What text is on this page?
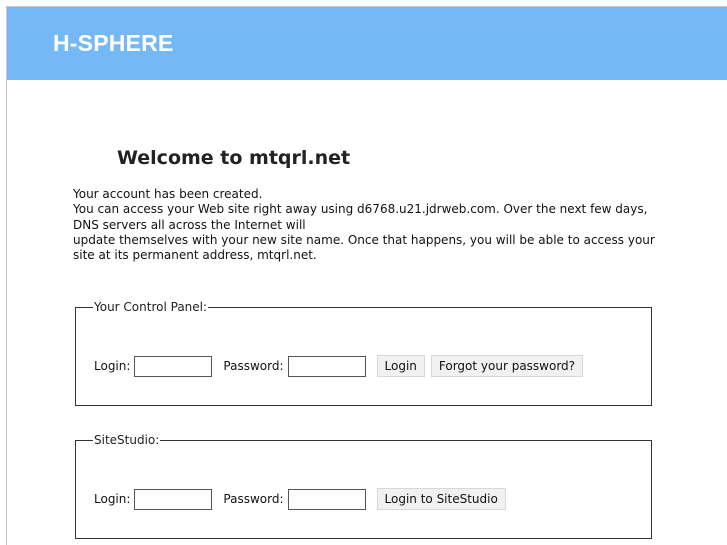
H-SPHERE
Welcome to mtqrl.net

Your account has been created.

You can access your Web site right away using d6768.u21.jdrweb.com. Over the next few days, DNS servers all across the Internet will

update themselves with your new site name. Once that happens, you will be able to access your site at its permanent address, mtqrl.net.

Your Control Panel:
Login:	Password:	Login	Forgot your password?
SiteStudio:
Login:	Password:	Login to SiteStudio
